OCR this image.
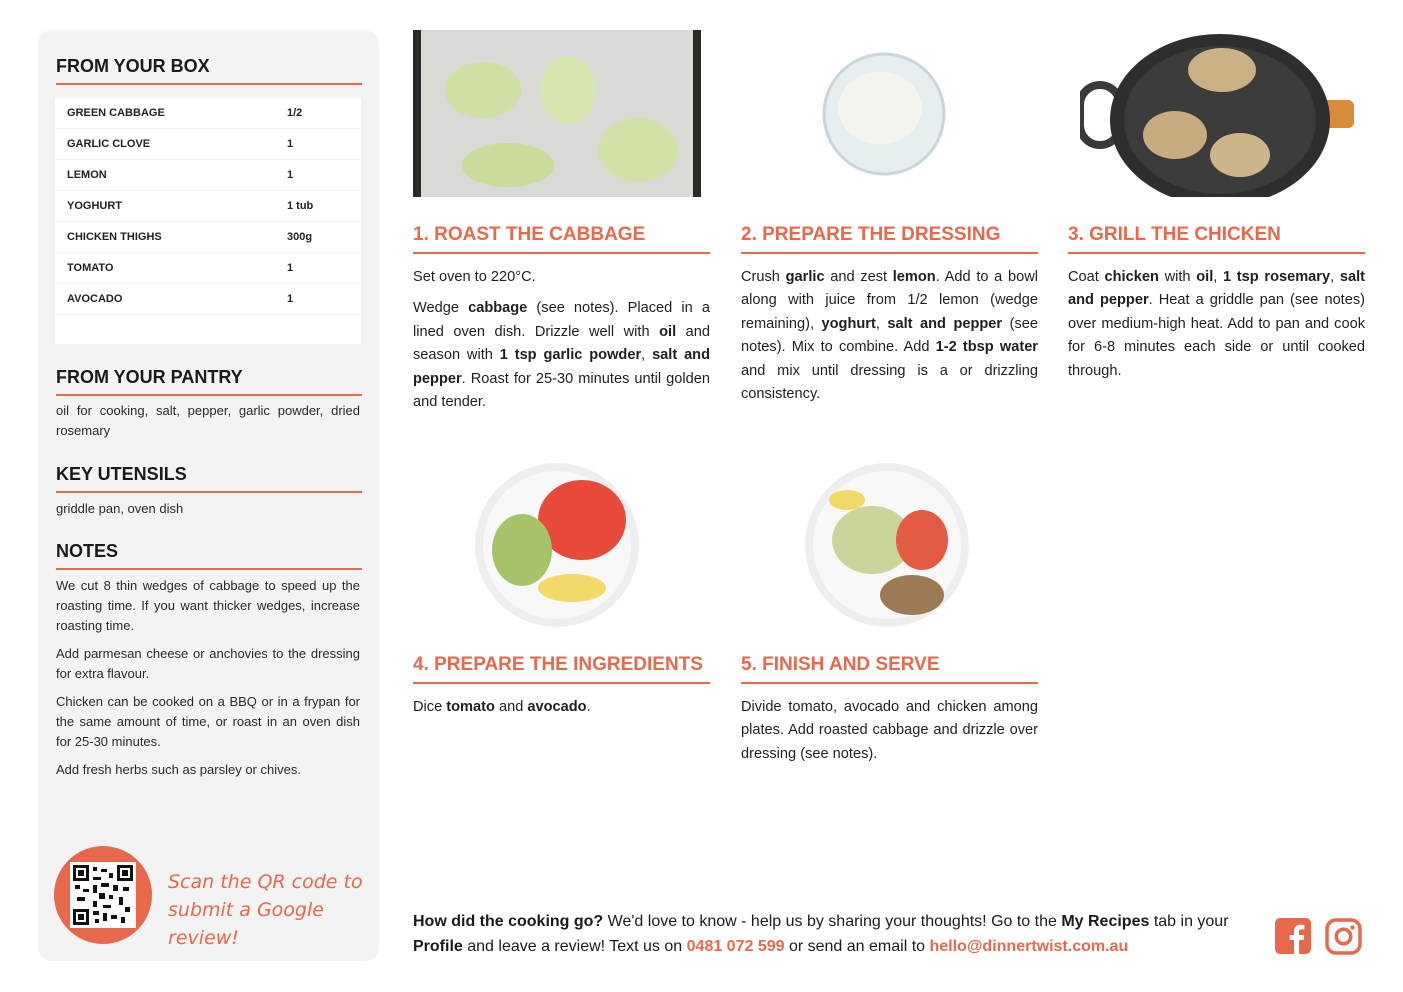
FROM YOUR BOX
GREEN CABBAGE	1/2
GARLIC CLOVE	1
LEMON	1
YOGHURT	1 tub
CHICKEN THIGHS	300g
TOMATO	1
AVOCADO	1
FROM YOUR PANTRY
oil for cooking, salt, pepper, garlic powder, dried rosemary
KEY UTENSILS
griddle pan, oven dish
NOTES

We cut 8 thin wedges of cabbage to speed up the roasting time. If you want thicker wedges, increase roasting time.

Add parmesan cheese or anchovies to the dressing for extra flavour.

Chicken can be cooked on a BBQ or in a frypan for the same amount of time, or roast in an oven dish for 25-30 minutes.

Add fresh herbs such as parsley or chives.

Scan the QR code to
submit a Google review!
1. ROAST THE CABBAGE

Set oven to 220°C.

Wedge cabbage (see notes). Placed in a lined oven dish. Drizzle well with oil and season with 1 tsp garlic powder, salt and pepper. Roast for 25-30 minutes until golden and tender.

2. PREPARE THE DRESSING

Crush garlic and zest lemon. Add to a bowl along with juice from 1/2 lemon (wedge remaining), yoghurt, salt and pepper (see notes). Mix to combine. Add 1-2 tbsp water and mix until dressing is a or drizzling consistency.

3. GRILL THE CHICKEN

Coat chicken with oil, 1 tsp rosemary, salt and pepper. Heat a griddle pan (see notes) over medium-high heat. Add to pan and cook for 6-8 minutes each side or until cooked through.

4. PREPARE THE INGREDIENTS

Dice tomato and avocado.

5. FINISH AND SERVE

Divide tomato, avocado and chicken among plates. Add roasted cabbage and drizzle over dressing (see notes).

How did the cooking go? We'd love to know - help us by sharing your thoughts! Go to the My Recipes tab in your Profile and leave a review! Text us on 0481 072 599 or send an email to hello@dinnertwist.com.au
